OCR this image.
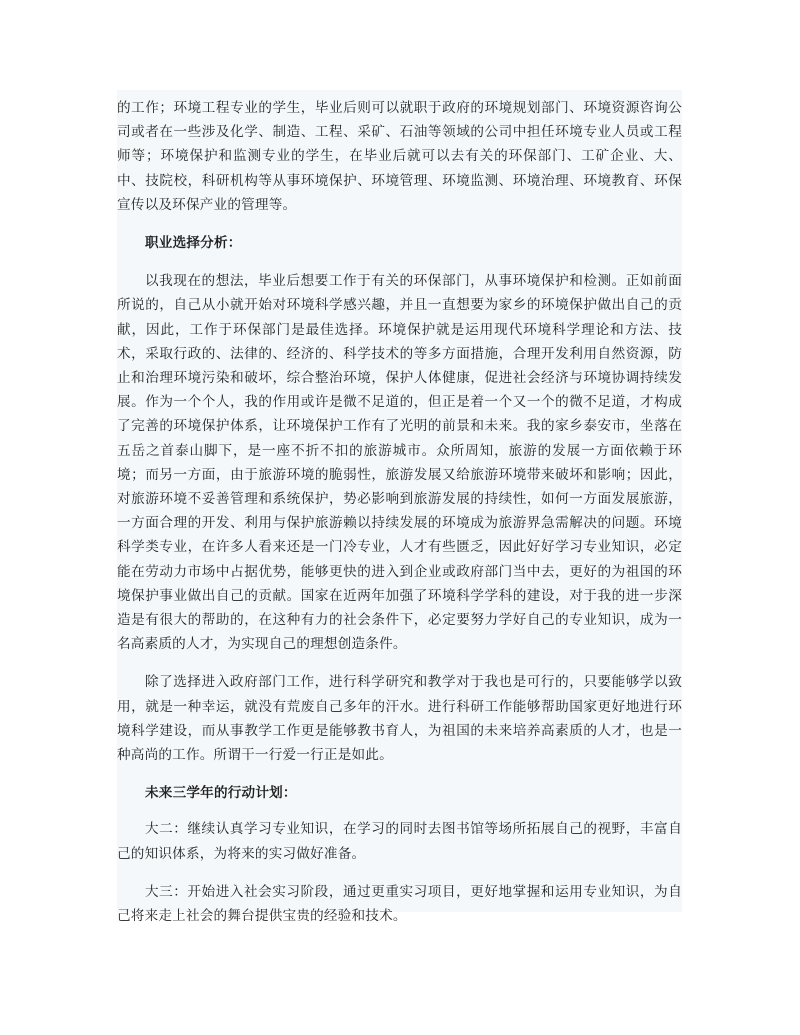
的工作；环境工程专业的学生，毕业后则可以就职于政府的环境规划部门、环境资源咨询公司或者在一些涉及化学、制造、工程、采矿、石油等领域的公司中担任环境专业人员或工程师等；环境保护和监测专业的学生，在毕业后就可以去有关的环保部门、工矿企业、大、中、技院校，科研机构等从事环境保护、环境管理、环境监测、环境治理、环境教育、环保宣传以及环保产业的管理等。

职业选择分析：

以我现在的想法，毕业后想要工作于有关的环保部门，从事环境保护和检测。正如前面所说的，自己从小就开始对环境科学感兴趣，并且一直想要为家乡的环境保护做出自己的贡献，因此，工作于环保部门是最佳选择。环境保护就是运用现代环境科学理论和方法、技术，采取行政的、法律的、经济的、科学技术的等多方面措施，合理开发利用自然资源，防止和治理环境污染和破坏，综合整治环境，保护人体健康，促进社会经济与环境协调持续发展。作为一个个人，我的作用或许是微不足道的，但正是着一个又一个的微不足道，才构成了完善的环境保护体系，让环境保护工作有了光明的前景和未来。我的家乡泰安市，坐落在五岳之首泰山脚下，是一座不折不扣的旅游城市。众所周知，旅游的发展一方面依赖于环境；而另一方面，由于旅游环境的脆弱性，旅游发展又给旅游环境带来破坏和影响；因此，对旅游环境不妥善管理和系统保护，势必影响到旅游发展的持续性，如何一方面发展旅游，一方面合理的开发、利用与保护旅游赖以持续发展的环境成为旅游界急需解决的问题。环境科学类专业，在许多人看来还是一门冷专业，人才有些匮乏，因此好好学习专业知识，必定能在劳动力市场中占据优势，能够更快的进入到企业或政府部门当中去，更好的为祖国的环境保护事业做出自己的贡献。国家在近两年加强了环境科学学科的建设，对于我的进一步深造是有很大的帮助的，在这种有力的社会条件下，必定要努力学好自己的专业知识，成为一名高素质的人才，为实现自己的理想创造条件。

除了选择进入政府部门工作，进行科学研究和教学对于我也是可行的，只要能够学以致用，就是一种幸运，就没有荒废自己多年的汗水。进行科研工作能够帮助国家更好地进行环境科学建设，而从事教学工作更是能够教书育人，为祖国的未来培养高素质的人才，也是一种高尚的工作。所谓干一行爱一行正是如此。

未来三学年的行动计划：

大二：继续认真学习专业知识，在学习的同时去图书馆等场所拓展自己的视野，丰富自己的知识体系，为将来的实习做好准备。

大三：开始进入社会实习阶段，通过更重实习项目，更好地掌握和运用专业知识，为自己将来走上社会的舞台提供宝贵的经验和技术。
